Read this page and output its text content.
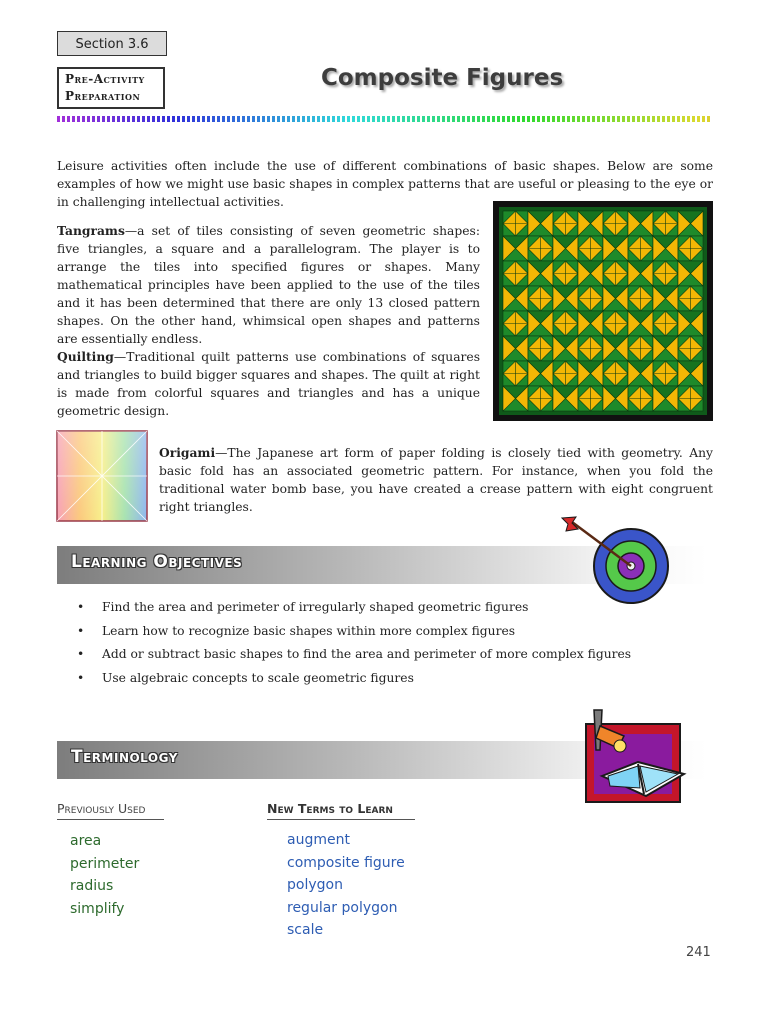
Section 3.6
Pre-Activity
Preparation
Composite Figures
Leisure activities often include the use of different combinations of basic shapes. Below are some examples of how we might use basic shapes in complex patterns that are useful or pleasing to the eye or in challenging intellectual activities.
Tangrams—a set of tiles consisting of seven geometric shapes: five triangles, a square and a parallelogram. The player is to arrange the tiles into specified figures or shapes. Many mathematical principles have been applied to the use of the tiles and it has been determined that there are only 13 closed pattern shapes. On the other hand, whimsical open shapes and patterns are essentially endless.
Quilting—Traditional quilt patterns use combinations of squares and triangles to build bigger squares and shapes. The quilt at right is made from colorful squares and triangles and has a unique geometric design.
Origami—The Japanese art form of paper folding is closely tied with geometry. Any basic fold has an associated geometric pattern. For instance, when you fold the traditional water bomb base, you have created a crease pattern with eight congruent right triangles.
Learning Objectives
• Find the area and perimeter of irregularly shaped geometric figures
• Learn how to recognize basic shapes within more complex figures
• Add or subtract basic shapes to find the area and perimeter of more complex figures
• Use algebraic concepts to scale geometric figures
Terminology
Previously Used	New Terms to Learn
area
perimeter
radius
simplify
augment
composite figure
polygon
regular polygon
scale
241
